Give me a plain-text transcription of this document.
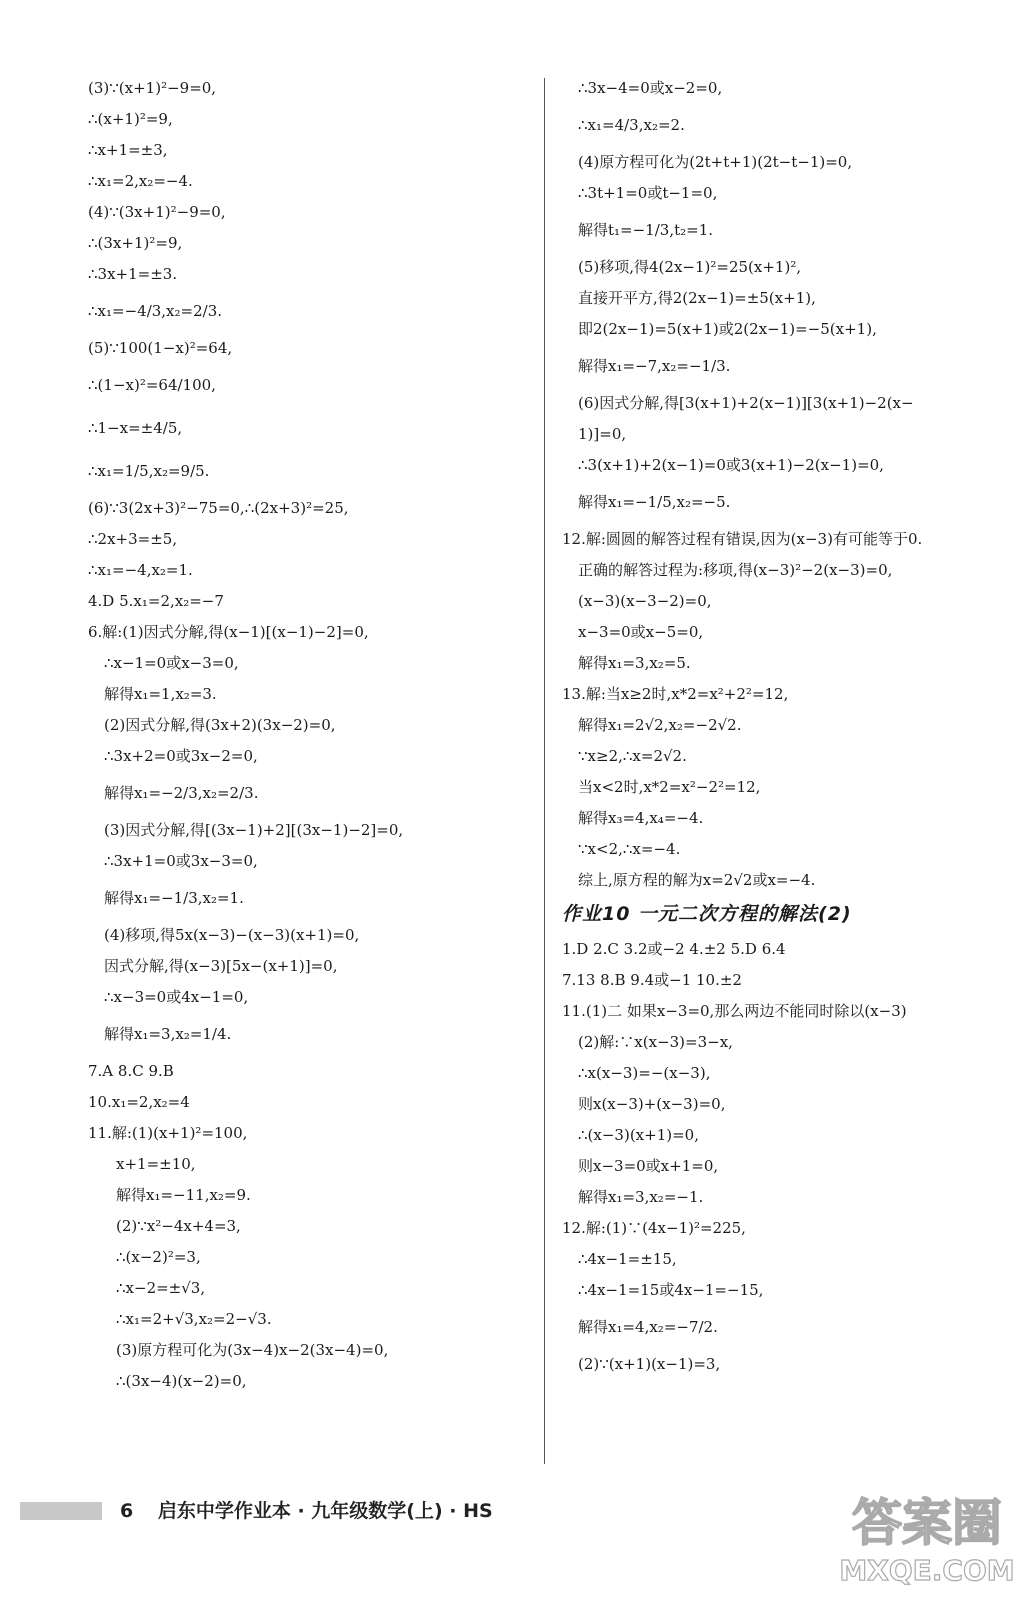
(3)∵(x+1)²−9=0,
∴(x+1)²=9,
∴x+1=±3,
∴x₁=2,x₂=−4.
(4)∵(3x+1)²−9=0,
∴(3x+1)²=9,
∴3x+1=±3.
∴x₁=−4/3,x₂=2/3.
(5)∵100(1−x)²=64,
∴(1−x)²=64/100,
∴1−x=±4/5,
∴x₁=1/5,x₂=9/5.
(6)∵3(2x+3)²−75=0,∴(2x+3)²=25,
∴2x+3=±5,
∴x₁=−4,x₂=1.
4.D 5.x₁=2,x₂=−7
6.解:(1)因式分解,得(x−1)[(x−1)−2]=0,
∴x−1=0或x−3=0,
解得x₁=1,x₂=3.
(2)因式分解,得(3x+2)(3x−2)=0,
∴3x+2=0或3x−2=0,
解得x₁=−2/3,x₂=2/3.
(3)因式分解,得[(3x−1)+2][(3x−1)−2]=0,
∴3x+1=0或3x−3=0,
解得x₁=−1/3,x₂=1.
(4)移项,得5x(x−3)−(x−3)(x+1)=0,
因式分解,得(x−3)[5x−(x+1)]=0,
∴x−3=0或4x−1=0,
解得x₁=3,x₂=1/4.
7.A 8.C 9.B
10.x₁=2,x₂=4
11.解:(1)(x+1)²=100,
x+1=±10,
解得x₁=−11,x₂=9.
(2)∵x²−4x+4=3,
∴(x−2)²=3,
∴x−2=±√3,
∴x₁=2+√3,x₂=2−√3.
(3)原方程可化为(3x−4)x−2(3x−4)=0,
∴(3x−4)(x−2)=0,
∴3x−4=0或x−2=0,
∴x₁=4/3,x₂=2.
(4)原方程可化为(2t+t+1)(2t−t−1)=0,
∴3t+1=0或t−1=0,
解得t₁=−1/3,t₂=1.
(5)移项,得4(2x−1)²=25(x+1)²,
直接开平方,得2(2x−1)=±5(x+1),
即2(2x−1)=5(x+1)或2(2x−1)=−5(x+1),
解得x₁=−7,x₂=−1/3.
(6)因式分解,得[3(x+1)+2(x−1)][3(x+1)−2(x−
1)]=0,
∴3(x+1)+2(x−1)=0或3(x+1)−2(x−1)=0,
解得x₁=−1/5,x₂=−5.
12.解:圆圆的解答过程有错误,因为(x−3)有可能等于0.
正确的解答过程为:移项,得(x−3)²−2(x−3)=0,
(x−3)(x−3−2)=0,
x−3=0或x−5=0,
解得x₁=3,x₂=5.
13.解:当x≥2时,x*2=x²+2²=12,
解得x₁=2√2,x₂=−2√2.
∵x≥2,∴x=2√2.
当x<2时,x*2=x²−2²=12,
解得x₃=4,x₄=−4.
∵x<2,∴x=−4.
综上,原方程的解为x=2√2或x=−4.
作业10 一元二次方程的解法(2)
1.D 2.C 3.2或−2 4.±2 5.D 6.4
7.13 8.B 9.4或−1 10.±2
11.(1)二 如果x−3=0,那么两边不能同时除以(x−3)
(2)解:∵x(x−3)=3−x,
∴x(x−3)=−(x−3),
则x(x−3)+(x−3)=0,
∴(x−3)(x+1)=0,
则x−3=0或x+1=0,
解得x₁=3,x₂=−1.
12.解:(1)∵(4x−1)²=225,
∴4x−1=±15,
∴4x−1=15或4x−1=−15,
解得x₁=4,x₂=−7/2.
(2)∵(x+1)(x−1)=3,
6 启东中学作业本 · 九年级数学(上) · HS	答案圈
MXQE.COM
